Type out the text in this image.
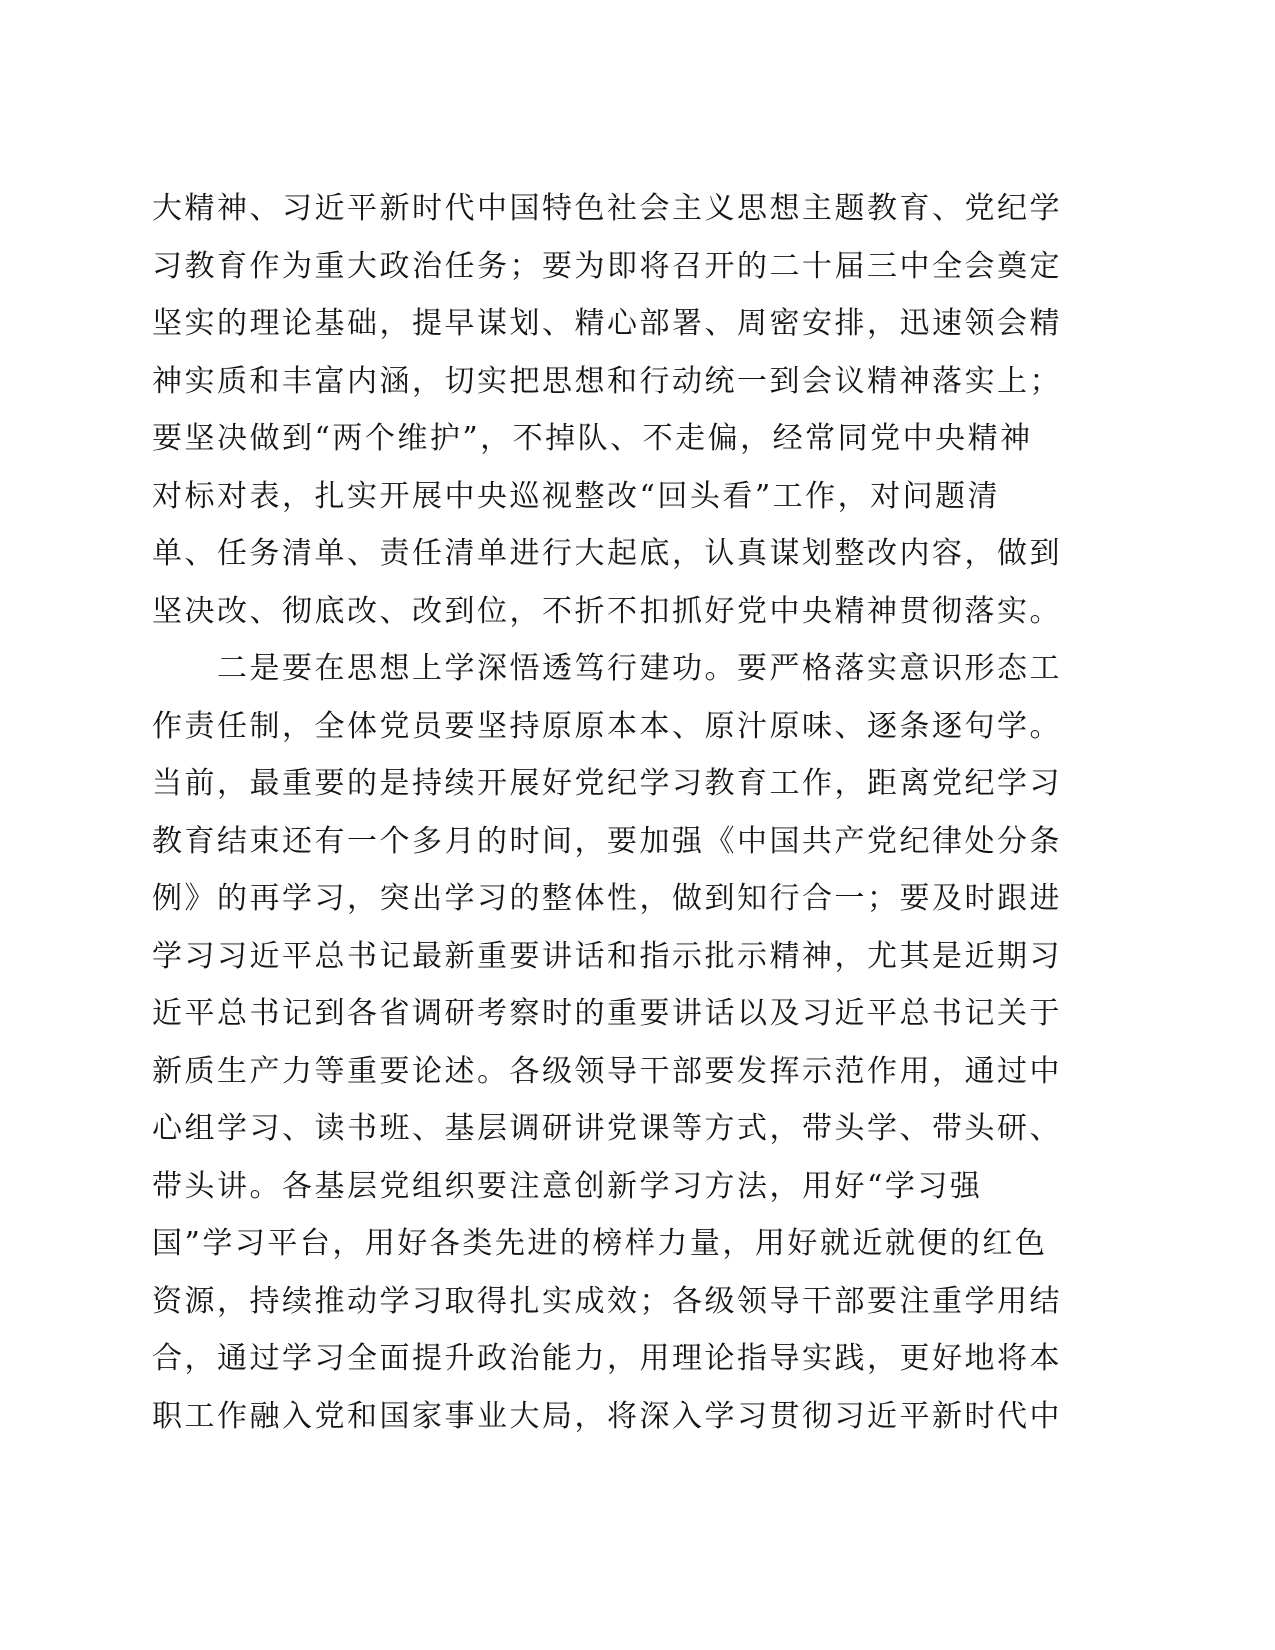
大精神、习近平新时代中国特色社会主义思想主题教育、党纪学
习教育作为重大政治任务；要为即将召开的二十届三中全会奠定
坚实的理论基础，提早谋划、精心部署、周密安排，迅速领会精
神实质和丰富内涵，切实把思想和行动统一到会议精神落实上；
要坚决做到“两个维护”，不掉队、不走偏，经常同党中央精神
对标对表，扎实开展中央巡视整改“回头看”工作，对问题清
单、任务清单、责任清单进行大起底，认真谋划整改内容，做到
坚决改、彻底改、改到位，不折不扣抓好党中央精神贯彻落实。
　　二是要在思想上学深悟透笃行建功。要严格落实意识形态工
作责任制，全体党员要坚持原原本本、原汁原味、逐条逐句学。
当前，最重要的是持续开展好党纪学习教育工作，距离党纪学习
教育结束还有一个多月的时间，要加强《中国共产党纪律处分条
例》的再学习，突出学习的整体性，做到知行合一；要及时跟进
学习习近平总书记最新重要讲话和指示批示精神，尤其是近期习
近平总书记到各省调研考察时的重要讲话以及习近平总书记关于
新质生产力等重要论述。各级领导干部要发挥示范作用，通过中
心组学习、读书班、基层调研讲党课等方式，带头学、带头研、
带头讲。各基层党组织要注意创新学习方法，用好“学习强
国”学习平台，用好各类先进的榜样力量，用好就近就便的红色
资源，持续推动学习取得扎实成效；各级领导干部要注重学用结
合，通过学习全面提升政治能力，用理论指导实践，更好地将本
职工作融入党和国家事业大局，将深入学习贯彻习近平新时代中
